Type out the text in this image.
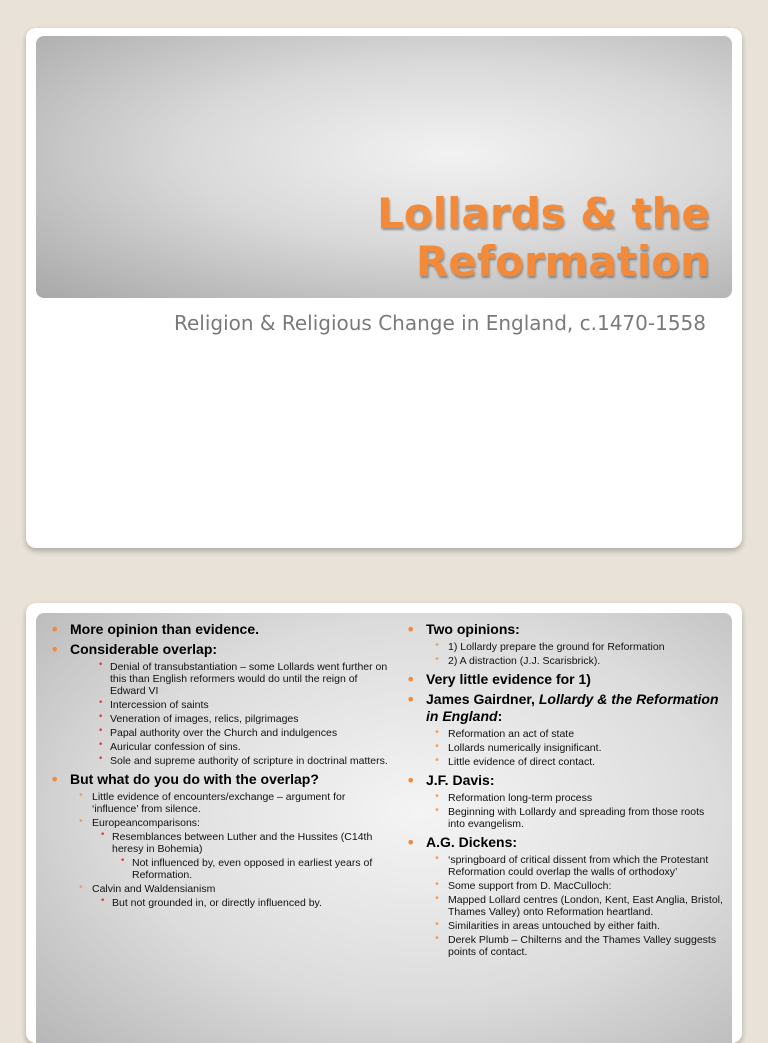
Lollards & the
Reformation

Religion & Religious Change in England, c.1470-1558

• More opinion than evidence.
• Considerable overlap:
• Denial of transubstantiation – some Lollards went further on this than English reformers would do until the reign of Edward VI
• Intercession of saints
• Veneration of images, relics, pilgrimages
• Papal authority over the Church and indulgences
• Auricular confession of sins.
• Sole and supreme authority of scripture in doctrinal matters.
• But what do you do with the overlap?
• Little evidence of encounters/exchange – argument for ‘influence’ from silence.
• Europeancomparisons:
• Resemblances between Luther and the Hussites (C14th heresy in Bohemia)
• Not influenced by, even opposed in earliest years of Reformation.
• Calvin and Waldensianism
• But not grounded in, or directly influenced by.
• Two opinions:
• 1) Lollardy prepare the ground for Reformation
• 2) A distraction (J.J. Scarisbrick).
• Very little evidence for 1)
• James Gairdner, Lollardy & the Reformation in England:
• Reformation an act of state
• Lollards numerically insignificant.
• Little evidence of direct contact.
• J.F. Davis:
• Reformation long-term process
• Beginning with Lollardy and spreading from those roots into evangelism.
• A.G. Dickens:
• ‘springboard of critical dissent from which the Protestant Reformation could overlap the walls of orthodoxy’
• Some support from D. MacCulloch:
• Mapped Lollard centres (London, Kent, East Anglia, Bristol, Thames Valley) onto Reformation heartland.
• Similarities in areas untouched by either faith.
• Derek Plumb – Chilterns and the Thames Valley suggests points of contact.
